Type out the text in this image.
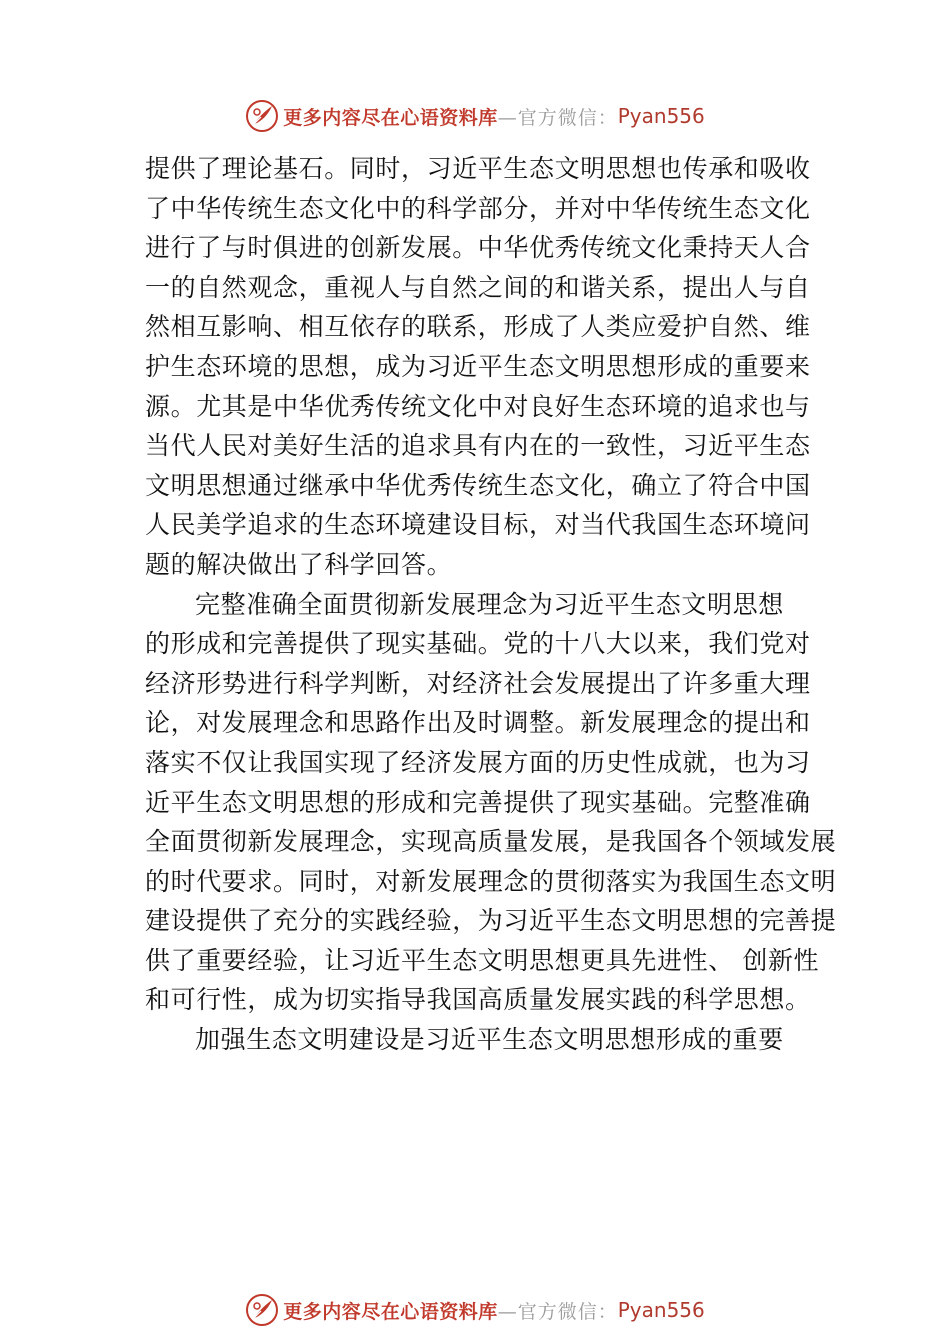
更多内容尽在心语资料库 —官方微信： Pyan556
提供了理论基石。同时，习近平生态文明思想也传承和吸收
了中华传统生态文化中的科学部分，并对中华传统生态文化
进行了与时俱进的创新发展。中华优秀传统文化秉持天人合
一的自然观念，重视人与自然之间的和谐关系，提出人与自
然相互影响、相互依存的联系，形成了人类应爱护自然、维
护生态环境的思想，成为习近平生态文明思想形成的重要来
源。尤其是中华优秀传统文化中对良好生态环境的追求也与
当代人民对美好生活的追求具有内在的一致性，习近平生态
文明思想通过继承中华优秀传统生态文化，确立了符合中国
人民美学追求的生态环境建设目标，对当代我国生态环境问
题的解决做出了科学回答。
完整准确全面贯彻新发展理念为习近平生态文明思想
的形成和完善提供了现实基础。党的十八大以来，我们党对
经济形势进行科学判断，对经济社会发展提出了许多重大理
论，对发展理念和思路作出及时调整。新发展理念的提出和
落实不仅让我国实现了经济发展方面的历史性成就，也为习
近平生态文明思想的形成和完善提供了现实基础。完整准确
全面贯彻新发展理念，实现高质量发展，是我国各个领域发展
的时代要求。同时，对新发展理念的贯彻落实为我国生态文明
建设提供了充分的实践经验，为习近平生态文明思想的完善提
供了重要经验，让习近平生态文明思想更具先进性、 创新性
和可行性，成为切实指导我国高质量发展实践的科学思想。
加强生态文明建设是习近平生态文明思想形成的重要
更多内容尽在心语资料库 —官方微信： Pyan556
